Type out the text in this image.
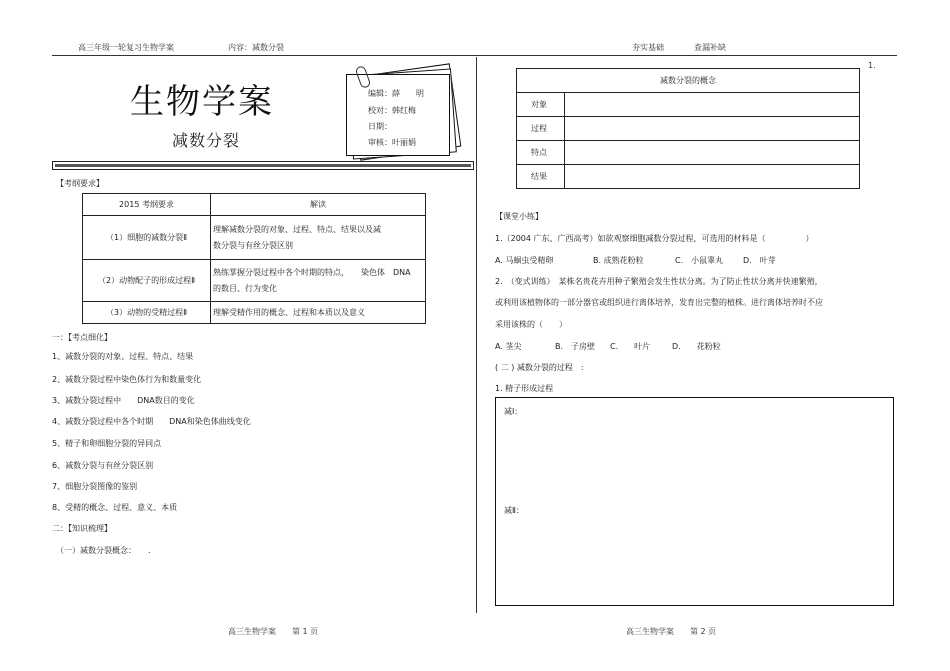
高三年级一轮复习生物学案	内容：减数分裂	夯实基础	查漏补缺
1.
生物学案
减数分裂
编辑：薛　　明
校对：韩红梅
日期：
审核：叶丽娟
【考纲要求】
2015 考纲要求	解读
（1）细胞的减数分裂Ⅱ	理解减数分裂的对象、过程、特点、结果以及减
数分裂与有丝分裂区别

（2）动物配子的形成过程Ⅱ	熟练掌握分裂过程中各个时期的特点，　　染色体　DNA
的数目、行为变化

（3）动物的受精过程Ⅱ	理解受精作用的概念、过程和本质以及意义
一：【考点细化】
1、减数分裂的对象、过程、特点、结果
2、减数分裂过程中染色体行为和数量变化
3、减数分裂过程中　　DNA数目的变化
4、减数分裂过程中各个时期　　DNA和染色体曲线变化
5、精子和卵细胞分裂的异同点
6、减数分裂与有丝分裂区别
7、细胞分裂图像的鉴别
8、受精的概念、过程、意义、本质
二：【知识梳理】
（一）减数分裂概念：　　.
减数分裂的概念	
对象	
过程	
特点	
结果	
【课堂小练】
1.（2004 广东、广西高考）如欲观察细胞减数分裂过程，可选用的材料是（　　　　　）
A. 马蛔虫受精卵	B. 成熟花粉粒	C.　小鼠睾丸 D.　叶芽
2.　（变式训练）　某株名贵花卉用种子繁殖会发生性状分离。为了防止性状分离并快速繁殖，
或利用该植物体的一部分器官或组织进行离体培养，发育出完整的植株。进行离体培养时不应
采用该株的（　　）
A. 茎尖	B.　子房壁 C.　　叶片	D.　　花粉粒
( 二 ) 减数分裂的过程　:
1. 精子形成过程
减Ⅰ：
减Ⅱ：
高三生物学案　　第 1 页	高三生物学案　　第 2 页
